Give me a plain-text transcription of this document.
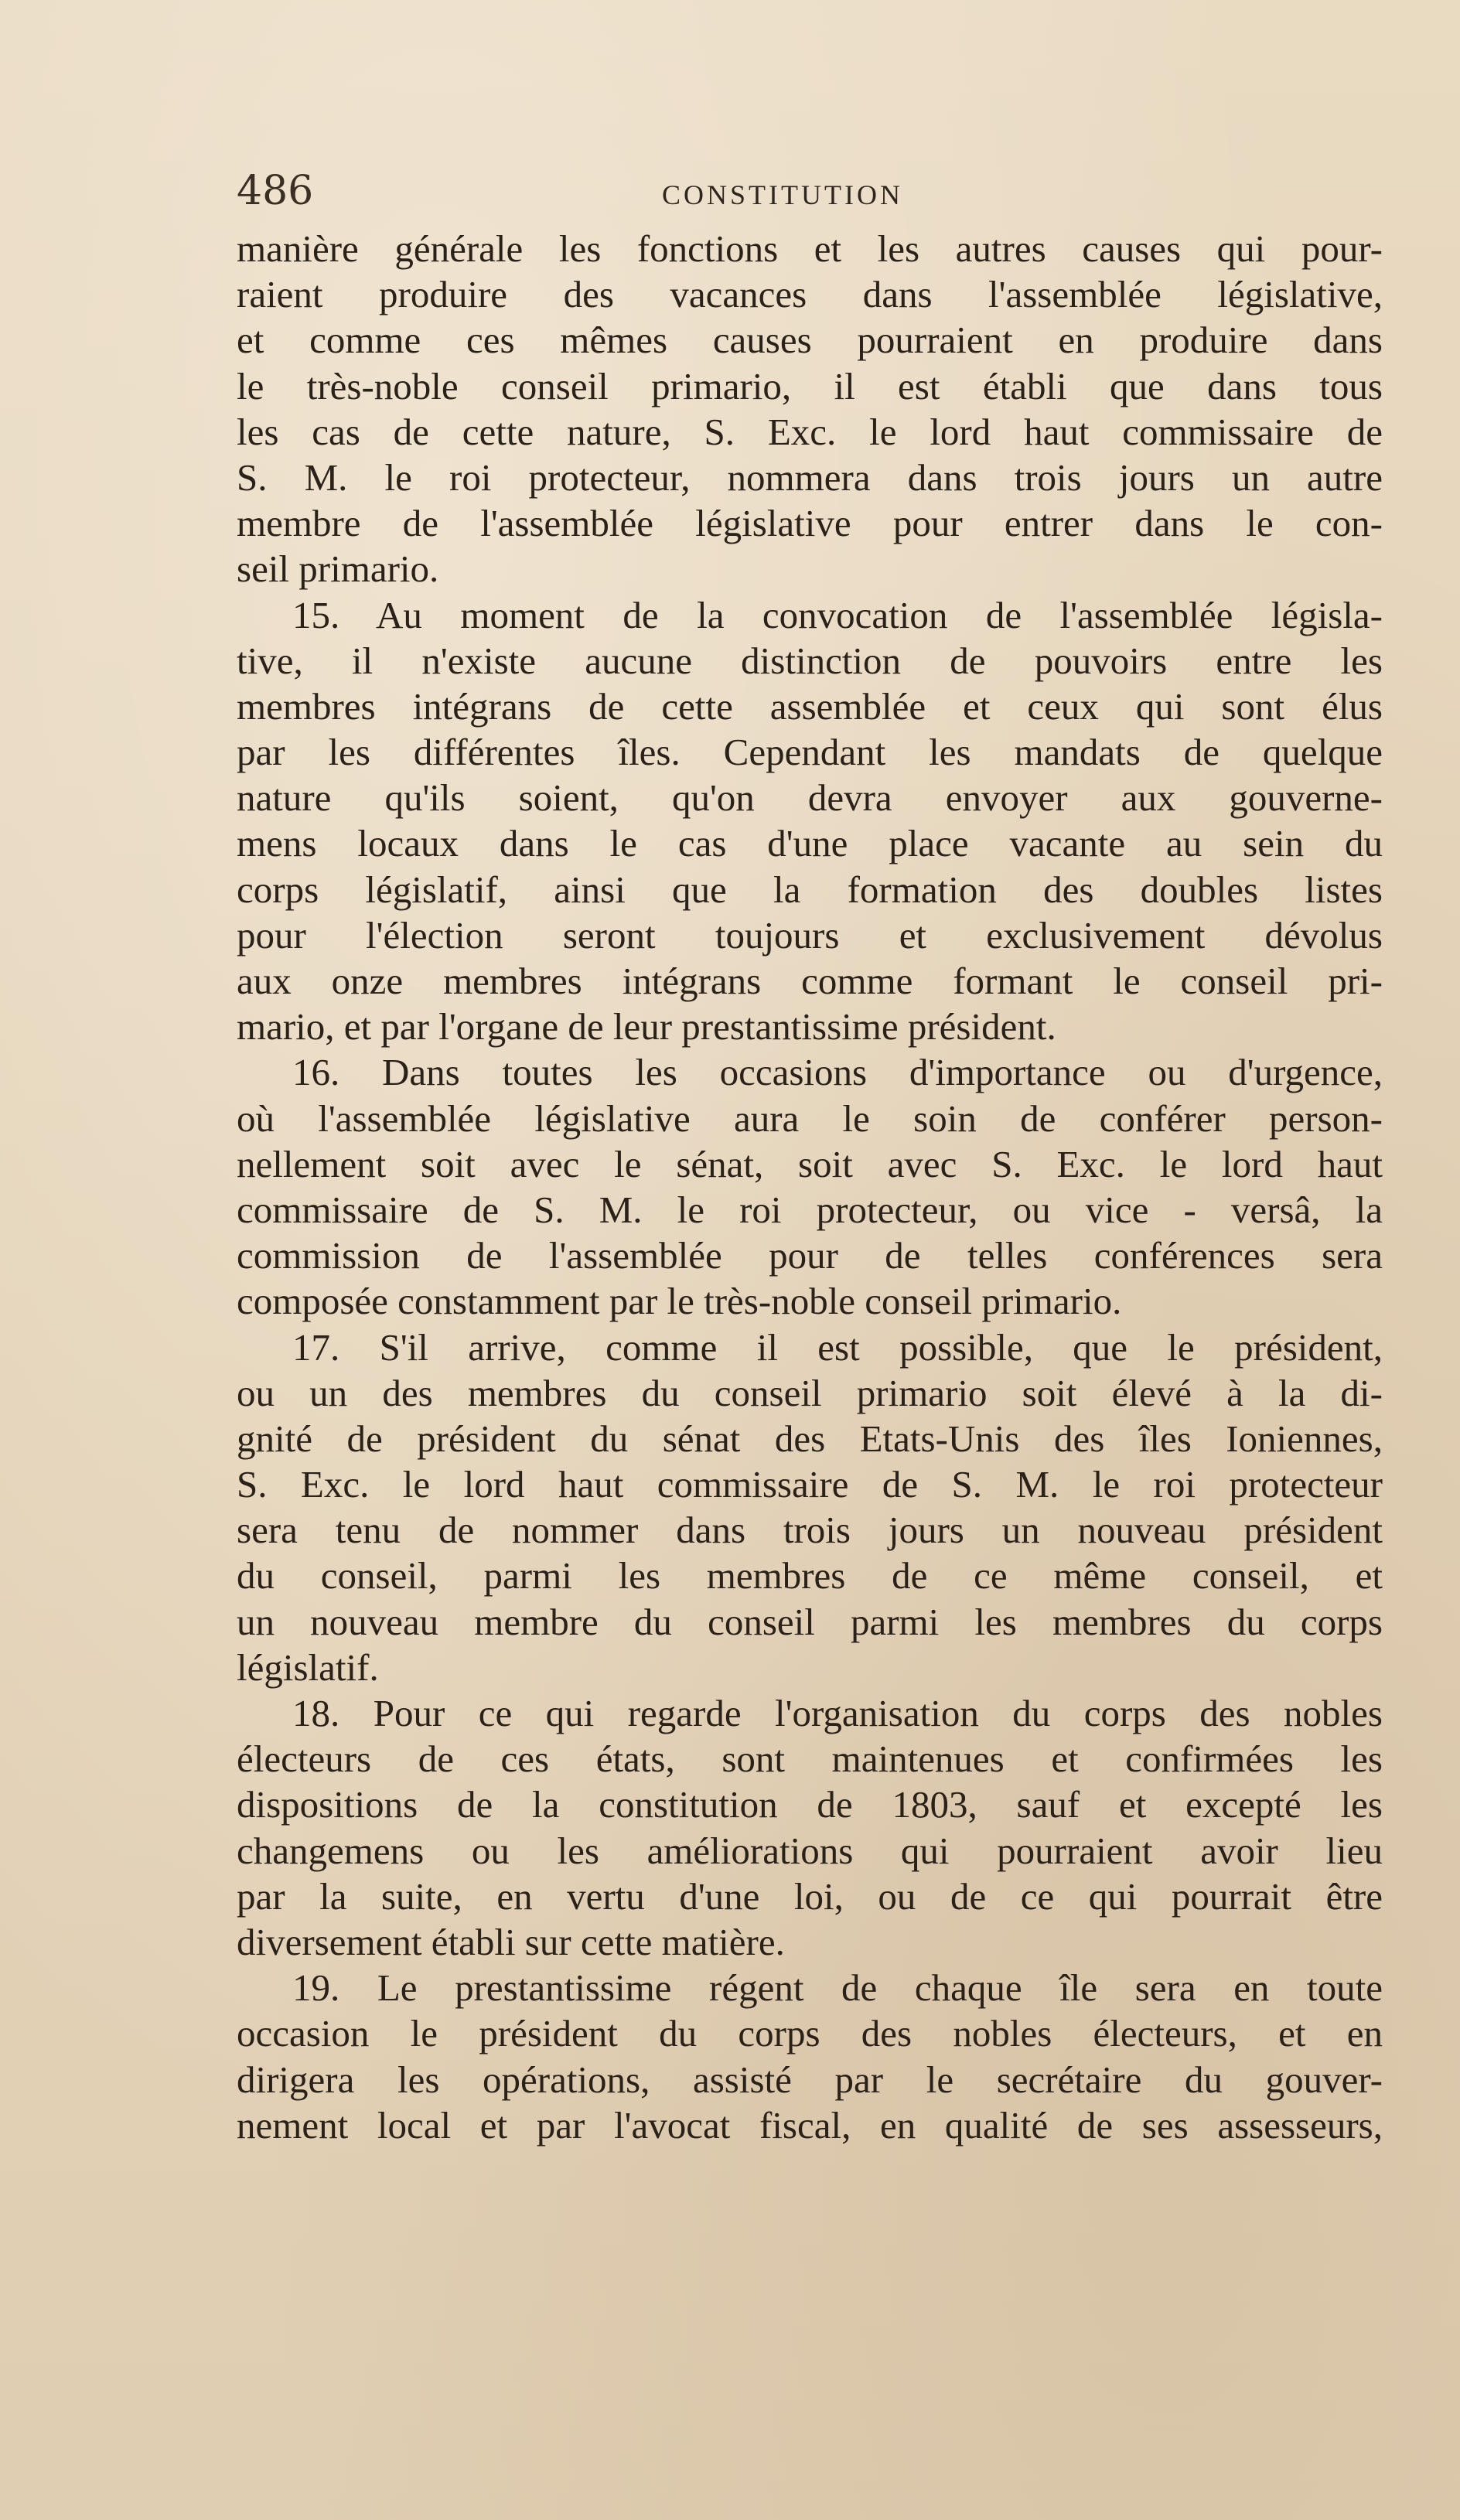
486	CONSTITUTION
manière générale les fonctions et les autres causes qui pour-
raient produire des vacances dans l'assemblée législative,
et comme ces mêmes causes pourraient en produire dans
le très-noble conseil primario, il est établi que dans tous
les cas de cette nature, S. Exc. le lord haut commissaire de
S. M. le roi protecteur, nommera dans trois jours un autre
membre de l'assemblée législative pour entrer dans le con-
seil primario.
15. Au moment de la convocation de l'assemblée législa-
tive, il n'existe aucune distinction de pouvoirs entre les
membres intégrans de cette assemblée et ceux qui sont élus
par les différentes îles. Cependant les mandats de quelque
nature qu'ils soient, qu'on devra envoyer aux gouverne-
mens locaux dans le cas d'une place vacante au sein du
corps législatif, ainsi que la formation des doubles listes
pour l'élection seront toujours et exclusivement dévolus
aux onze membres intégrans comme formant le conseil pri-
mario, et par l'organe de leur prestantissime président.
16. Dans toutes les occasions d'importance ou d'urgence,
où l'assemblée législative aura le soin de conférer person-
nellement soit avec le sénat, soit avec S. Exc. le lord haut
commissaire de S. M. le roi protecteur, ou vice - versâ, la
commission de l'assemblée pour de telles conférences sera
composée constamment par le très-noble conseil primario.
17. S'il arrive, comme il est possible, que le président,
ou un des membres du conseil primario soit élevé à la di-
gnité de président du sénat des Etats-Unis des îles Ioniennes,
S. Exc. le lord haut commissaire de S. M. le roi protecteur
sera tenu de nommer dans trois jours un nouveau président
du conseil, parmi les membres de ce même conseil, et
un nouveau membre du conseil parmi les membres du corps
législatif.
18. Pour ce qui regarde l'organisation du corps des nobles
électeurs de ces états, sont maintenues et confirmées les
dispositions de la constitution de 1803, sauf et excepté les
changemens ou les améliorations qui pourraient avoir lieu
par la suite, en vertu d'une loi, ou de ce qui pourrait être
diversement établi sur cette matière.
19. Le prestantissime régent de chaque île sera en toute
occasion le président du corps des nobles électeurs, et en
dirigera les opérations, assisté par le secrétaire du gouver-
nement local et par l'avocat fiscal, en qualité de ses assesseurs,
